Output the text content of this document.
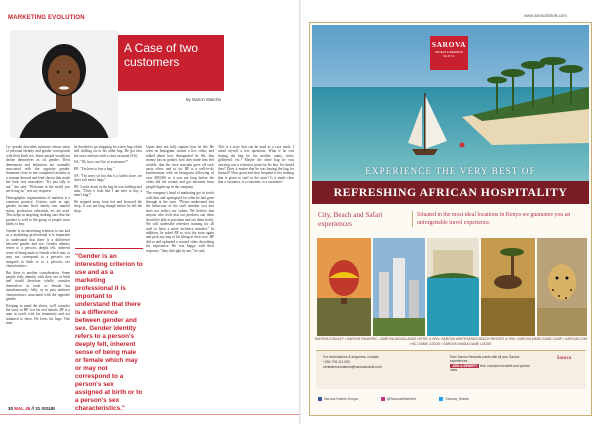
MARKETING EVOLUTION
A Case of two
customers
By Marion Wakoho

Co- gender describes someone whose sense of personal identity and gender corresponds with their birth sex. Some people would not define themselves as cis gender. Their demeanour and behaviour are normally associated with the opposite gender. Someone close to me completed recently at a woman dressed and lead shown that made her look very masculine. "It's just silly to me," she said. "Welcome to the world you are living in," was my response.

Demographic segmentation of markets is a common practice. Criteria such as age, gender, income level, family size, marital status, profession, education, etc are used. This helps in targeting, making sure that the product is sold to the group of people most likely to buy.

Gender is an interesting criterion to use and as a marketing professional it is important to understand that there is a difference between gender and sex. Gender identity refers to a person's deeply felt, inherent sense of being male or female which may or may not correspond to a person's sex assigned at birth or to a person's sex characteristics.

But there is another consideration. Some people fully identify with their sex at birth and would therefore wholly consider themselves as male or female but simultaneously, fully, or in part embrace characteristics associated with the opposite gender.

Keeping in mind the above, we'll consider the story of BF- not his real initials. BF is a man in touch with his femininity and not ashamed to show. He loves his bags. One time

he decided to go shopping for a new bag whilst still holding on to his older bag. He got into the store and met with a store assistant (SA).

SA: "Hi, how can I be of assistance?"

BF: "I'm here to buy a bag."

SA: "I'm sorry sir but this is a ladies store, we don't sell men's bags."

BF: Looks down at the bag he was holding and asks, "Does it look like I am here to buy a men's bag?"

He stepped away from her and browsed the shop. It was not long though before he left the shop.

"Gender is an interesting criterion to use and as a marketing professional it is important to understand that there is a difference between gender and sex. Gender identity refers to a person's deeply felt, inherent sense of being male or female which may or may not correspond to a person's sex assigned at birth or to a person's sex characteristics."

Upset does not fully capture how he felt. He went on Instagram, started a live video, and talked about how disregarded he felt, that money has no gender, how they made him feel terrible, that the store assistant gave off such nasty vibes, and so on. BF is a well-to-do businessman with an Instagram following of over 400,000 so it was not long before the video did the rounds and got attention from people higher up in the company.

The company's head of marketing got in touch with him and apologised for what he had gone through at the store. "Please understand that the behaviour of the staff member you met does not reflect our values. We believe that anyone who feels that our products suit them should be able to purchase and use them freely. We will undertake refresher training for all staff to have a more inclusive mindset." In addition, he asked BF to visit the store again and pick any bag of his liking at their cost. BF did so and uploaded a second video describing his experience. He was happy with their response, "they did right by me," he said.

This is a story that can be used as a case study. I asked myself a few questions: What if he was buying the bag for his mother, aunty, sister, girlfriend, etc.? Maybe the other bag he was carrying was a reference point for his buy. So should they? Does it matter that he was buying the bag for himself? How good and how frequent is the training that is given to staff in the store? Is it made clear that a customer, is a customer, is a customer?

30 MAL 45 // 31 ISSUE
www.sarovahotels.com
SAROVA
HOTELS & RESORTS
KENYA
EXPERIENCE THE VERY BEST OF
REFRESHING AFRICAN HOSPITALITY
City, Beach and Safari experiences
Situated in the most ideal locations in Kenya we guarantee you an unforgettable travel experience.
SAROVA STANLEY • SAROVA PANAFRIC • SAROVA WOODLANDS HOTEL & SPA • SAROVA WHITESANDS BEACH RESORT & SPA • SAROVA MARA GAME CAMP • SAROVA LION HILL GAME LODGE • SAROVA SHABA GAME LODGE
For reservations & enquiries, contact:
+254 709 111 000
centralreservations@sarovahotels.com
Earn Sarova Rewards points with all your Sarova experiences.
JOIN & BENEFIT free, exclusive benefits and special rates.
Sarova
Sarova Hotels Kenya	@SarovaHotelsKe	Sarova_Hotels
